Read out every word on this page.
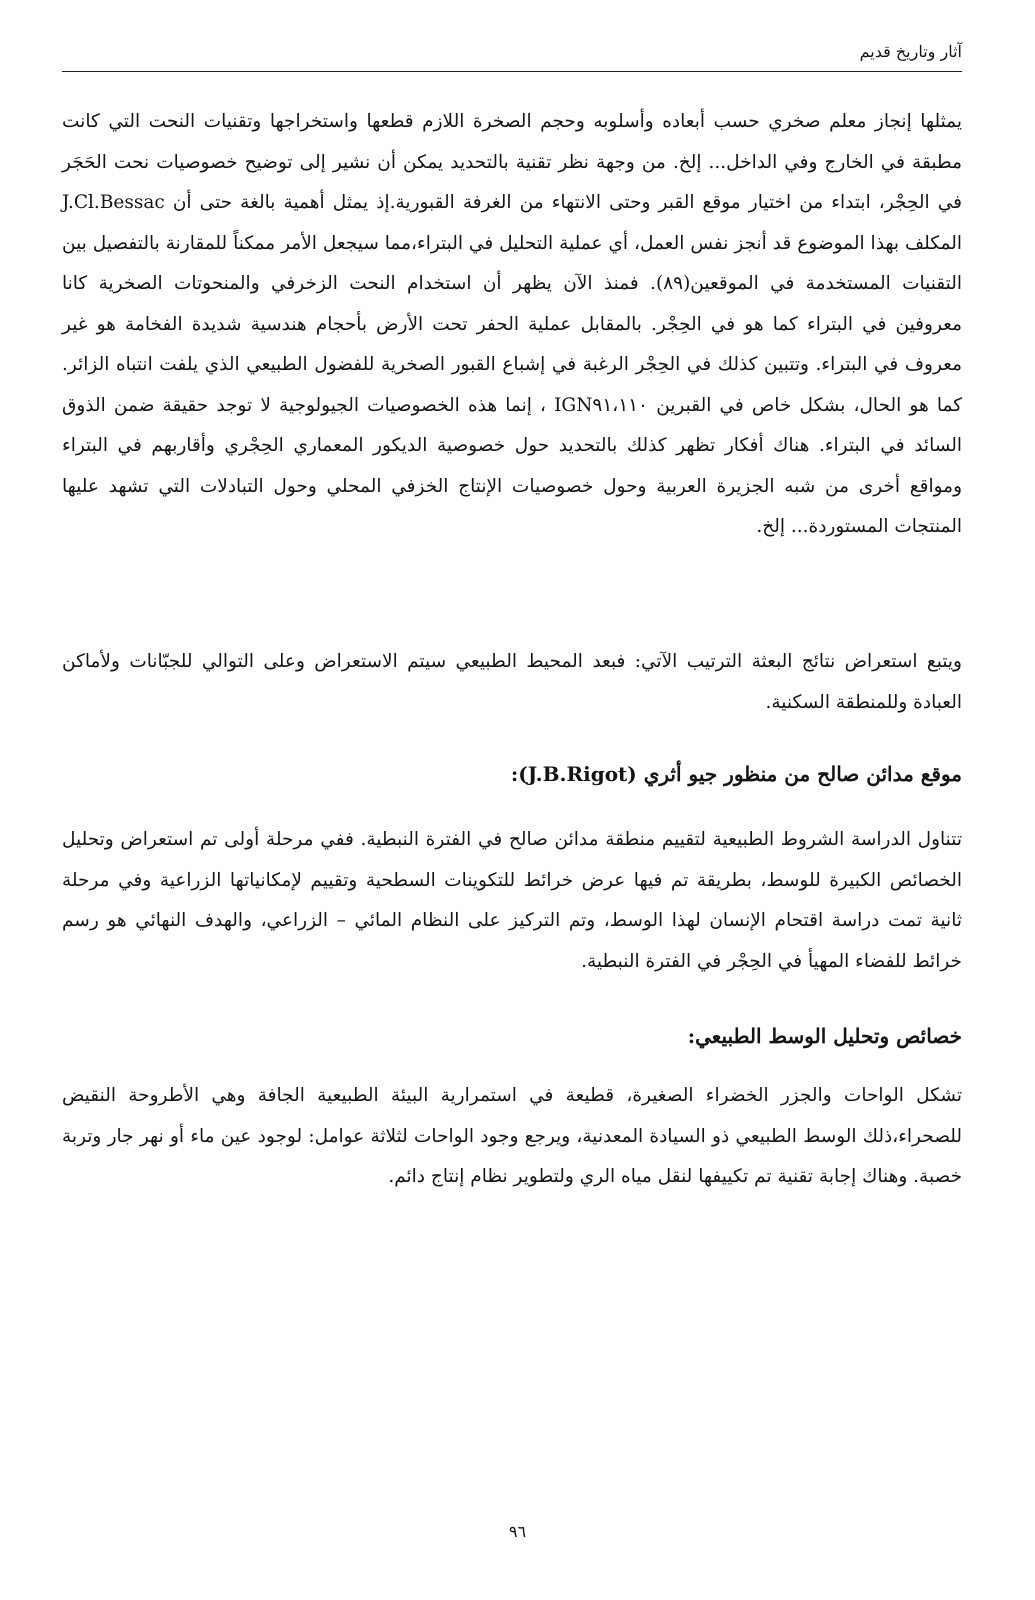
آثار وتاريخ قديم

يمثلها إنجاز معلم صخري حسب أبعاده وأسلوبه وحجم الصخرة اللازم قطعها واستخراجها وتقنيات النحت التي كانت مطبقة في الخارج وفي الداخل... إلخ. من وجهة نظر تقنية بالتحديد يمكن أن نشير إلى توضيح خصوصيات نحت الحَجَر في الحِجْر، ابتداء من اختيار موقع القبر وحتى الانتهاء من الغرفة القبورية.إذ يمثل أهمية بالغة حتى أن J.Cl.Bessac المكلف بهذا الموضوع قد أنجز نفس العمل، أي عملية التحليل في البتراء،مما سيجعل الأمر ممكناً للمقارنة بالتفصيل بين التقنيات المستخدمة في الموقعين(٨٩). فمنذ الآن يظهر أن استخدام النحت الزخرفي والمنحوتات الصخرية كانا معروفين في البتراء كما هو في الحِجْر. بالمقابل عملية الحفر تحت الأرض بأحجام هندسية شديدة الفخامة هو غير معروف في البتراء. وتتبين كذلك في الحِجْر الرغبة في إشباع القبور الصخرية للفضول الطبيعي الذي يلفت انتباه الزائر. كما هو الحال، بشكل خاص في القبرين IGN٩١،١١٠ ، إنما هذه الخصوصيات الجيولوجية لا توجد حقيقة ضمن الذوق السائد في البتراء. هناك أفكار تظهر كذلك بالتحديد حول خصوصية الديكور المعماري الحِجْري وأقاربهم في البتراء ومواقع أخرى من شبه الجزيرة العربية وحول خصوصيات الإنتاج الخزفي المحلي وحول التبادلات التي تشهد عليها المنتجات المستوردة... إلخ.

ويتبع استعراض نتائج البعثة الترتيب الآتي: فبعد المحيط الطبيعي سيتم الاستعراض وعلى التوالي للجبّانات ولأماكن العبادة وللمنطقة السكنية.

موقع مدائن صالح من منظور جيو أثري (J.B.Rigot):

تتناول الدراسة الشروط الطبيعية لتقييم منطقة مدائن صالح في الفترة النبطية. ففي مرحلة أولى تم استعراض وتحليل الخصائص الكبيرة للوسط، بطريقة تم فيها عرض خرائط للتكوينات السطحية وتقييم لإمكانياتها الزراعية وفي مرحلة ثانية تمت دراسة اقتحام الإنسان لهذا الوسط، وتم التركيز على النظام المائي – الزراعي، والهدف النهائي هو رسم خرائط للفضاء المهيأ في الحِجْر في الفترة النبطية.

خصائص وتحليل الوسط الطبيعي:

تشكل الواحات والجزر الخضراء الصغيرة، قطيعة في استمرارية البيئة الطبيعية الجافة وهي الأطروحة النقيض للصحراء،ذلك الوسط الطبيعي ذو السيادة المعدنية، ويرجع وجود الواحات لثلاثة عوامل: لوجود عين ماء أو نهر جار وتربة خصبة. وهناك إجابة تقنية تم تكييفها لنقل مياه الري ولتطوير نظام إنتاج دائم.

٩٦
